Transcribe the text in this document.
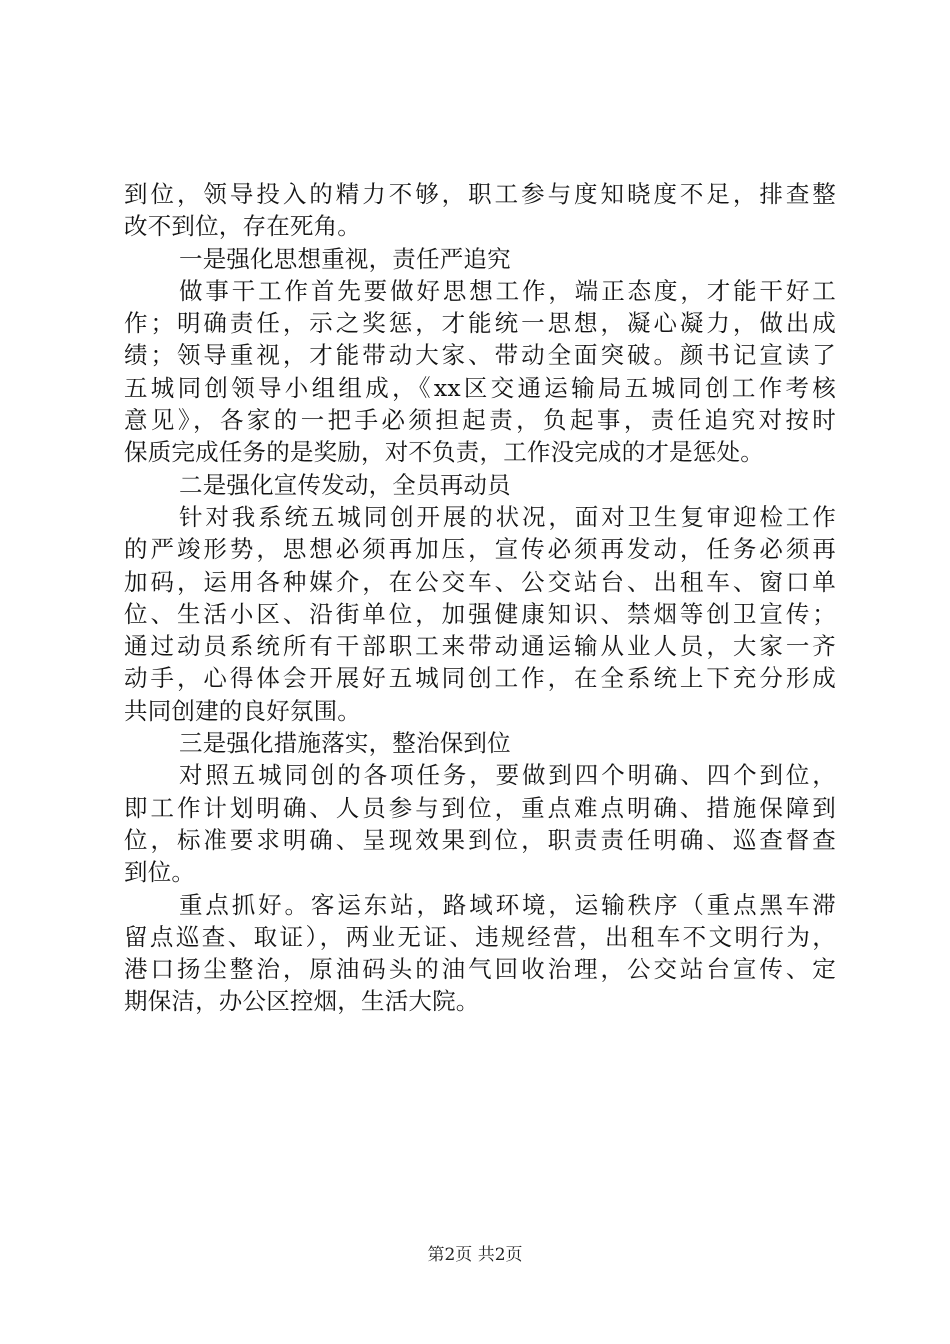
到位，领导投入的精力不够，职工参与度知晓度不足，排查整
改不到位，存在死角。
一是强化思想重视，责任严追究
做事干工作首先要做好思想工作，端正态度，才能干好工
作；明确责任，示之奖惩，才能统一思想，凝心凝力，做出成
绩；领导重视，才能带动大家、带动全面突破。颜书记宣读了
五城同创领导小组组成，《xx区交通运输局五城同创工作考核
意见》，各家的一把手必须担起责，负起事，责任追究对按时
保质完成任务的是奖励，对不负责，工作没完成的才是惩处。
二是强化宣传发动，全员再动员
针对我系统五城同创开展的状况，面对卫生复审迎检工作
的严竣形势，思想必须再加压，宣传必须再发动，任务必须再
加码，运用各种媒介，在公交车、公交站台、出租车、窗口单
位、生活小区、沿街单位，加强健康知识、禁烟等创卫宣传；
通过动员系统所有干部职工来带动通运输从业人员，大家一齐
动手，心得体会开展好五城同创工作，在全系统上下充分形成
共同创建的良好氛围。
三是强化措施落实，整治保到位
对照五城同创的各项任务，要做到四个明确、四个到位，
即工作计划明确、人员参与到位，重点难点明确、措施保障到
位，标准要求明确、呈现效果到位，职责责任明确、巡查督查
到位。
重点抓好。客运东站，路域环境，运输秩序（重点黑车滞
留点巡查、取证），两业无证、违规经营，出租车不文明行为，
港口扬尘整治，原油码头的油气回收治理，公交站台宣传、定
期保洁，办公区控烟，生活大院。
第2页 共2页
